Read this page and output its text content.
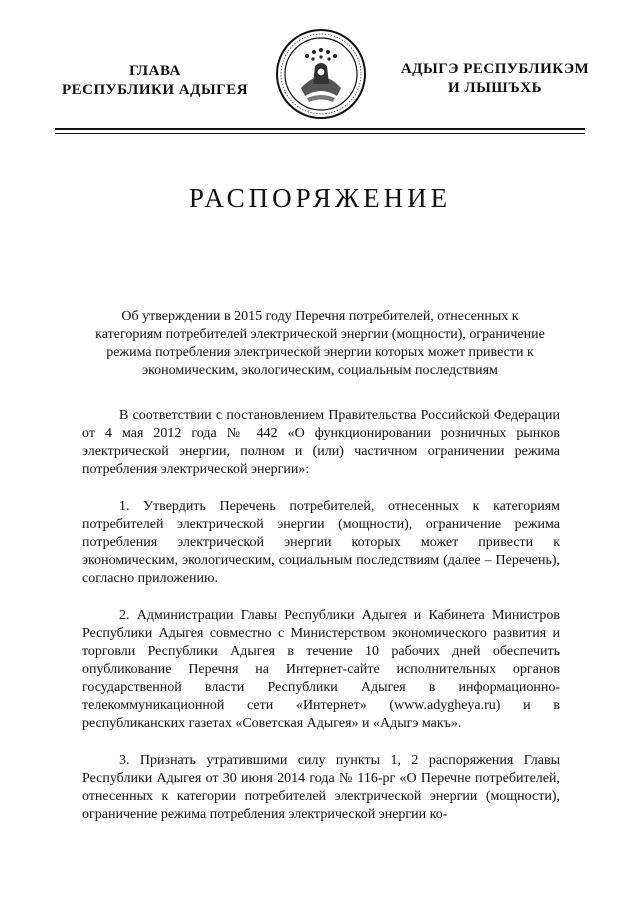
ГЛАВА
РЕСПУБЛИКИ АДЫГЕЯ
АДЫГЭ РЕСПУБЛИКЭМ
И ЛЫШЪХЬ
РАСПОРЯЖЕНИЕ
Об утверждении в 2015 году Перечня потребителей, отнесенных к категориям потребителей электрической энергии (мощности), ограничение режима потребления электрической энергии которых может привести к экономическим, экологическим, социальным последствиям

В соответствии с постановлением Правительства Российской Федерации от 4 мая 2012 года № 442 «О функционировании розничных рынков электрической энергии, полном и (или) частичном ограничении режима потребления электрической энергии»:

1. Утвердить Перечень потребителей, отнесенных к категориям потребителей электрической энергии (мощности), ограничение режима потребления электрической энергии которых может привести к экономическим, экологическим, социальным последствиям (далее – Перечень), согласно приложению.

2. Администрации Главы Республики Адыгея и Кабинета Министров Республики Адыгея совместно с Министерством экономического развития и торговли Республики Адыгея в течение 10 рабочих дней обеспечить опубликование Перечня на Интернет-сайте исполнительных органов государственной власти Республики Адыгея в информационно-телекоммуникационной сети «Интернет» (www.adygheya.ru) и в республиканских газетах «Советская Адыгея» и «Адыгэ макъ».

3. Признать утратившими силу пункты 1, 2 распоряжения Главы Республики Адыгея от 30 июня 2014 года № 116-рг «О Перечне потребителей, отнесенных к категории потребителей электрической энергии (мощности), ограничение режима потребления электрической энергии ко-
